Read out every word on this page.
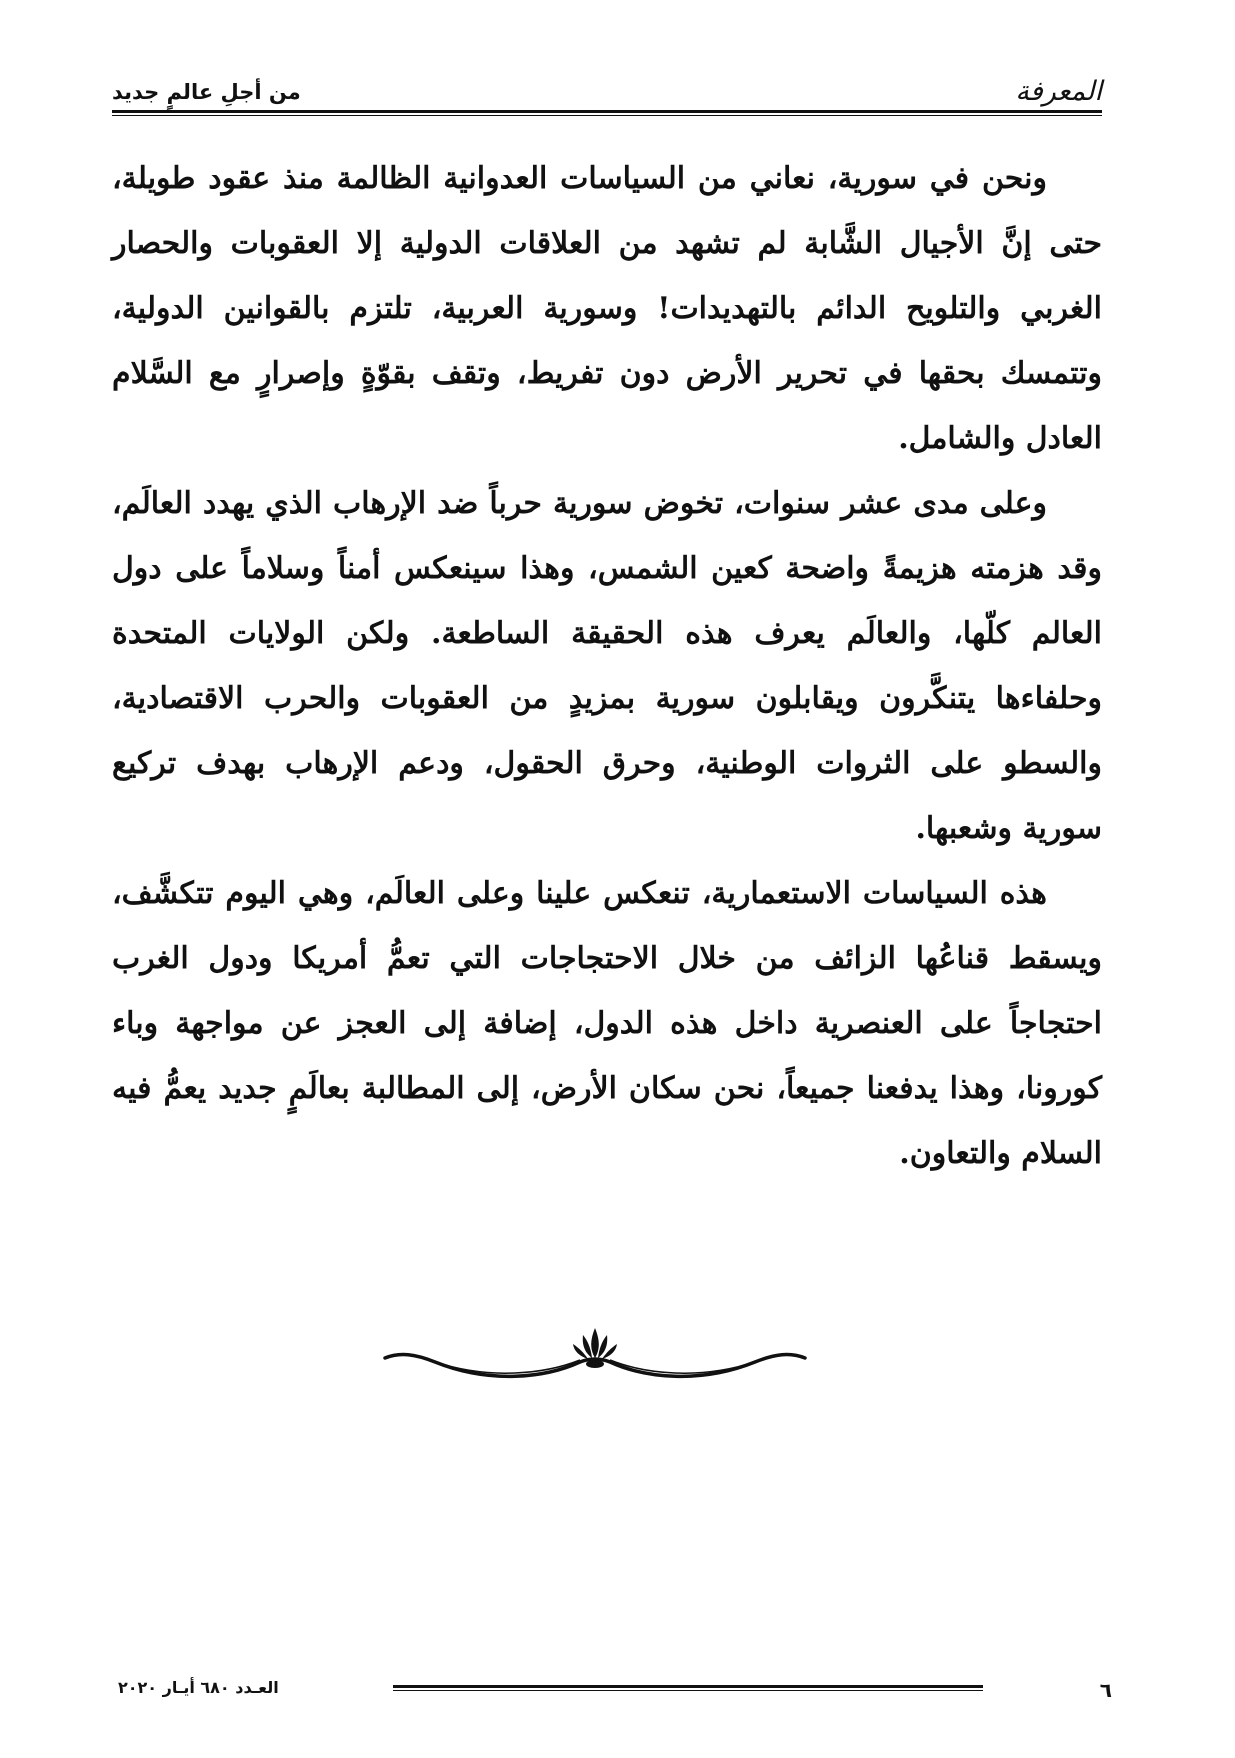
المعرفة
من أجلِ عالمٍ جديد

ونحن في سورية، نعاني من السياسات العدوانية الظالمة منذ عقود طويلة، حتى إنَّ الأجيال الشَّابة لم تشهد من العلاقات الدولية إلا العقوبات والحصار الغربي والتلويح الدائم بالتهديدات! وسورية العربية، تلتزم بالقوانين الدولية، وتتمسك بحقها في تحرير الأرض دون تفريط، وتقف بقوّةٍ وإصرارٍ مع السَّلام العادل والشامل.

وعلى مدى عشر سنوات، تخوض سورية حرباً ضد الإرهاب الذي يهدد العالَم، وقد هزمته هزيمةً واضحة كعين الشمس، وهذا سينعكس أمناً وسلاماً على دول العالم كلّها، والعالَم يعرف هذه الحقيقة الساطعة. ولكن الولايات المتحدة وحلفاءها يتنكَّرون ويقابلون سورية بمزيدٍ من العقوبات والحرب الاقتصادية، والسطو على الثروات الوطنية، وحرق الحقول، ودعم الإرهاب بهدف تركيع سورية وشعبها.

هذه السياسات الاستعمارية، تنعكس علينا وعلى العالَم، وهي اليوم تتكشَّف، ويسقط قناعُها الزائف من خلال الاحتجاجات التي تعمُّ أمريكا ودول الغرب احتجاجاً على العنصرية داخل هذه الدول، إضافة إلى العجز عن مواجهة وباء كورونا، وهذا يدفعنا جميعاً، نحن سكان الأرض، إلى المطالبة بعالَمٍ جديد يعمُّ فيه السلام والتعاون.

٦
العـدد ٦٨٠ أيـار ٢٠٢٠
